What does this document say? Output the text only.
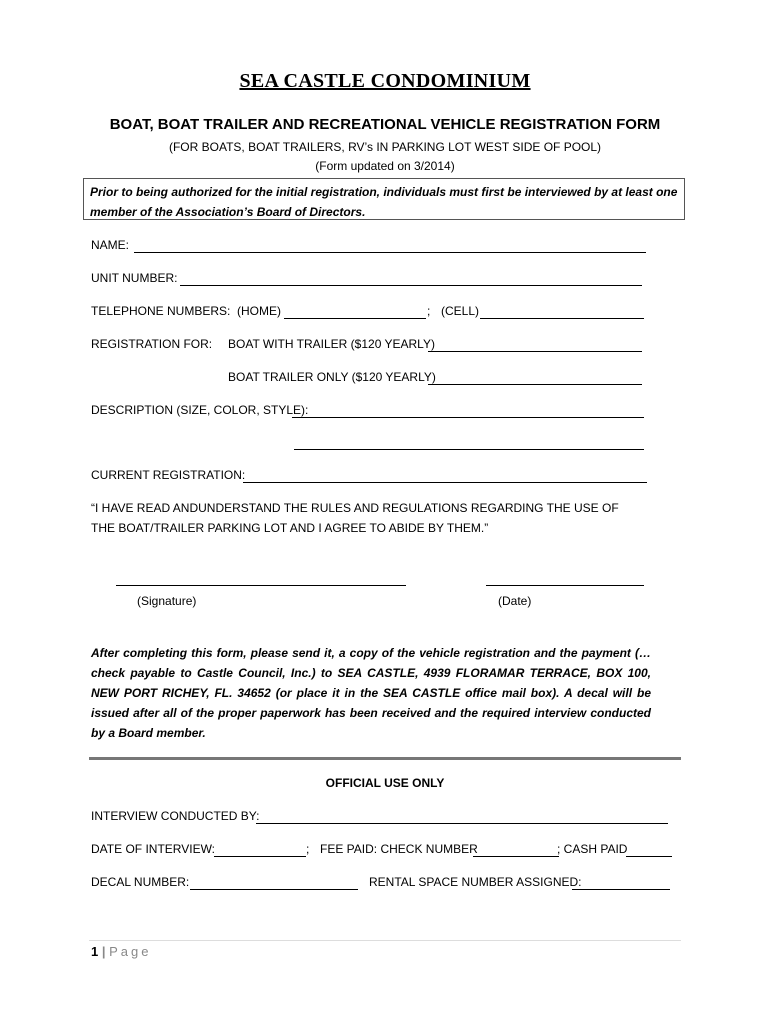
SEA CASTLE CONDOMINIUM
BOAT, BOAT TRAILER AND RECREATIONAL VEHICLE REGISTRATION FORM
(FOR BOATS, BOAT TRAILERS, RV’s IN PARKING LOT WEST SIDE OF POOL)
(Form updated on 3/2014)
Prior to being authorized for the initial registration, individuals must first be interviewed by at least one member of the Association’s Board of Directors.
NAME:
UNIT NUMBER:
TELEPHONE NUMBERS: (HOME)	; (CELL)
REGISTRATION FOR: BOAT WITH TRAILER ($120 YEARLY)
BOAT TRAILER ONLY ($120 YEARLY)
DESCRIPTION (SIZE, COLOR, STYLE):
CURRENT REGISTRATION:
“I HAVE READ ANDUNDERSTAND THE RULES AND REGULATIONS REGARDING THE USE OF THE BOAT/TRAILER PARKING LOT AND I AGREE TO ABIDE BY THEM.”
(Signature)	(Date)
After completing this form, please send it, a copy of the vehicle registration and the payment (…check payable to Castle Council, Inc.) to SEA CASTLE, 4939 FLORAMAR TERRACE, BOX 100, NEW PORT RICHEY, FL. 34652 (or place it in the SEA CASTLE office mail box). A decal will be issued after all of the proper paperwork has been received and the required interview conducted by a Board member.
OFFICIAL USE ONLY
INTERVIEW CONDUCTED BY:
DATE OF INTERVIEW:	; FEE PAID: CHECK NUMBER	; CASH PAID
DECAL NUMBER:	RENTAL SPACE NUMBER ASSIGNED:
1 | Page
